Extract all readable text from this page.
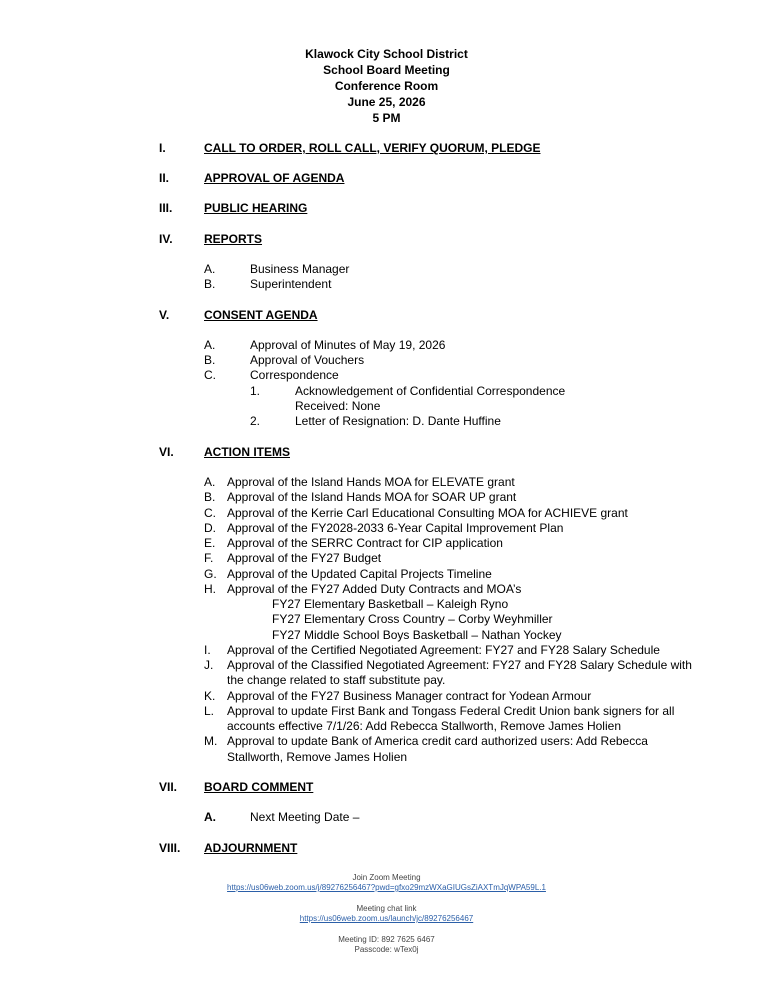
Klawock City School District
School Board Meeting
Conference Room
June 25, 2026
5 PM
I.	CALL TO ORDER, ROLL CALL, VERIFY QUORUM, PLEDGE
II.	APPROVAL OF AGENDA
III.	PUBLIC HEARING
IV.	REPORTS
A.	Business Manager
B.	Superintendent
V.	CONSENT AGENDA
A.	Approval of Minutes of May 19, 2026
B.	Approval of Vouchers
C.	Correspondence
1.	Acknowledgement of Confidential Correspondence
Received: None
2.	Letter of Resignation: D. Dante Huffine
VI.	ACTION ITEMS
A. Approval of the Island Hands MOA for ELEVATE grant
B. Approval of the Island Hands MOA for SOAR UP grant
C. Approval of the Kerrie Carl Educational Consulting MOA for ACHIEVE grant
D. Approval of the FY2028-2033 6-Year Capital Improvement Plan
E. Approval of the SERRC Contract for CIP application
F. Approval of the FY27 Budget
G. Approval of the Updated Capital Projects Timeline
H. Approval of the FY27 Added Duty Contracts and MOA’s
FY27 Elementary Basketball – Kaleigh Ryno
FY27 Elementary Cross Country – Corby Weyhmiller
FY27 Middle School Boys Basketball – Nathan Yockey
I. Approval of the Certified Negotiated Agreement: FY27 and FY28 Salary Schedule
J. Approval of the Classified Negotiated Agreement: FY27 and FY28 Salary Schedule with
the change related to staff substitute pay.
K. Approval of the FY27 Business Manager contract for Yodean Armour
L. Approval to update First Bank and Tongass Federal Credit Union bank signers for all
accounts effective 7/1/26: Add Rebecca Stallworth, Remove James Holien
M. Approval to update Bank of America credit card authorized users: Add Rebecca
Stallworth, Remove James Holien
VII. BOARD COMMENT
A.	Next Meeting Date –
VIII. ADJOURNMENT
Join Zoom Meeting
https://us06web.zoom.us/j/89276256467?pwd=gfxo29mzWXaGIUGsZiAXTmJqWPA59L.1
Meeting chat link
https://us06web.zoom.us/launch/jc/89276256467
Meeting ID: 892 7625 6467
Passcode: wTex0j
